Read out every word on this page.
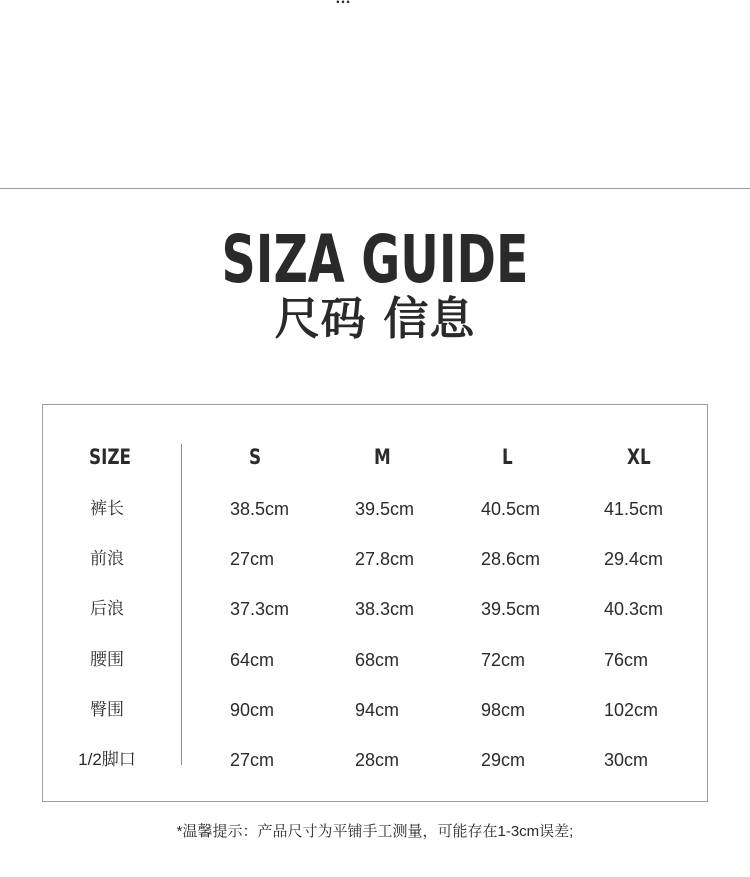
SIZA GUIDE
尺码 信息
SIZE	S	M	L	XL
裤长	38.5cm	39.5cm	40.5cm	41.5cm
前浪	27cm	27.8cm	28.6cm	29.4cm
后浪	37.3cm	38.3cm	39.5cm	40.3cm
腰围	64cm	68cm	72cm	76cm
臀围	90cm	94cm	98cm	102cm
1/2脚口	27cm	28cm	29cm	30cm
*温馨提示：产品尺寸为平铺手工测量，可能存在1-3cm误差;
